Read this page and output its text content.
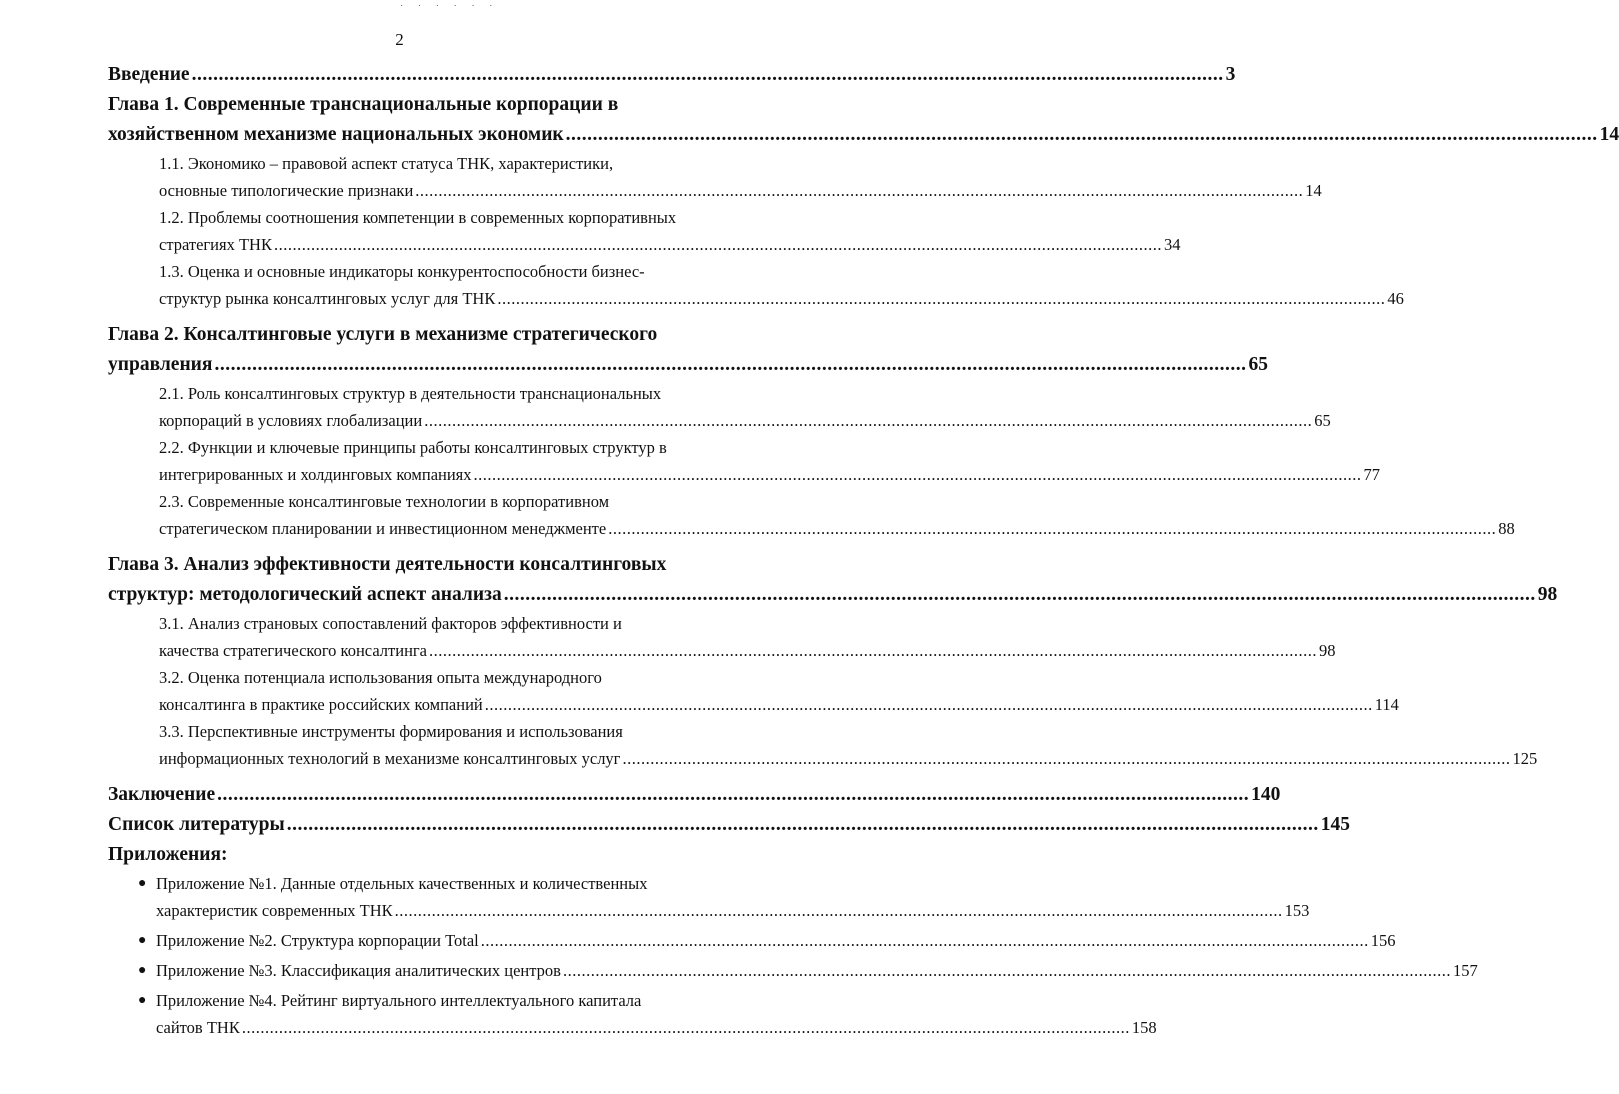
˙ ˙ ˙ ˙ ˙ ˙
2
Введение ................................................................................................................................................................................................ 3
Глава 1. Современные транснациональные корпорации в
хозяйственном механизме национальных экономик ................................................................................................................................................................................................ 14
1.1. Экономико – правовой аспект статуса ТНК, характеристики,
основные типологические признаки ................................................................................................................................................................................................ 14
1.2. Проблемы соотношения компетенции в современных корпоративных
стратегиях ТНК ................................................................................................................................................................................................ 34
1.3. Оценка и основные индикаторы конкурентоспособности бизнес-
структур рынка консалтинговых услуг для ТНК ................................................................................................................................................................................................ 46
Глава 2. Консалтинговые услуги в механизме стратегического
управления ................................................................................................................................................................................................ 65
2.1. Роль консалтинговых структур в деятельности транснациональных
корпораций в условиях глобализации ................................................................................................................................................................................................ 65
2.2. Функции и ключевые принципы работы консалтинговых структур в
интегрированных и холдинговых компаниях ................................................................................................................................................................................................ 77
2.3. Современные консалтинговые технологии в корпоративном
стратегическом планировании и инвестиционном менеджменте ................................................................................................................................................................................................ 88
Глава 3. Анализ эффективности деятельности консалтинговых
структур: методологический аспект анализа ................................................................................................................................................................................................ 98
3.1. Анализ страновых сопоставлений факторов эффективности и
качества стратегического консалтинга ................................................................................................................................................................................................ 98
3.2. Оценка потенциала использования опыта международного
консалтинга в практике российских компаний ................................................................................................................................................................................................ 114
3.3. Перспективные инструменты формирования и использования
информационных технологий в механизме консалтинговых услуг ................................................................................................................................................................................................ 125
Заключение ................................................................................................................................................................................................ 140
Список литературы ................................................................................................................................................................................................ 145
Приложения:
● Приложение №1. Данные отдельных качественных и количественных
характеристик современных ТНК ................................................................................................................................................................................................ 153
● Приложение №2. Структура корпорации Total ................................................................................................................................................................................................ 156
● Приложение №3. Классификация аналитических центров ................................................................................................................................................................................................ 157
● Приложение №4. Рейтинг виртуального интеллектуального капитала
сайтов ТНК ................................................................................................................................................................................................ 158
